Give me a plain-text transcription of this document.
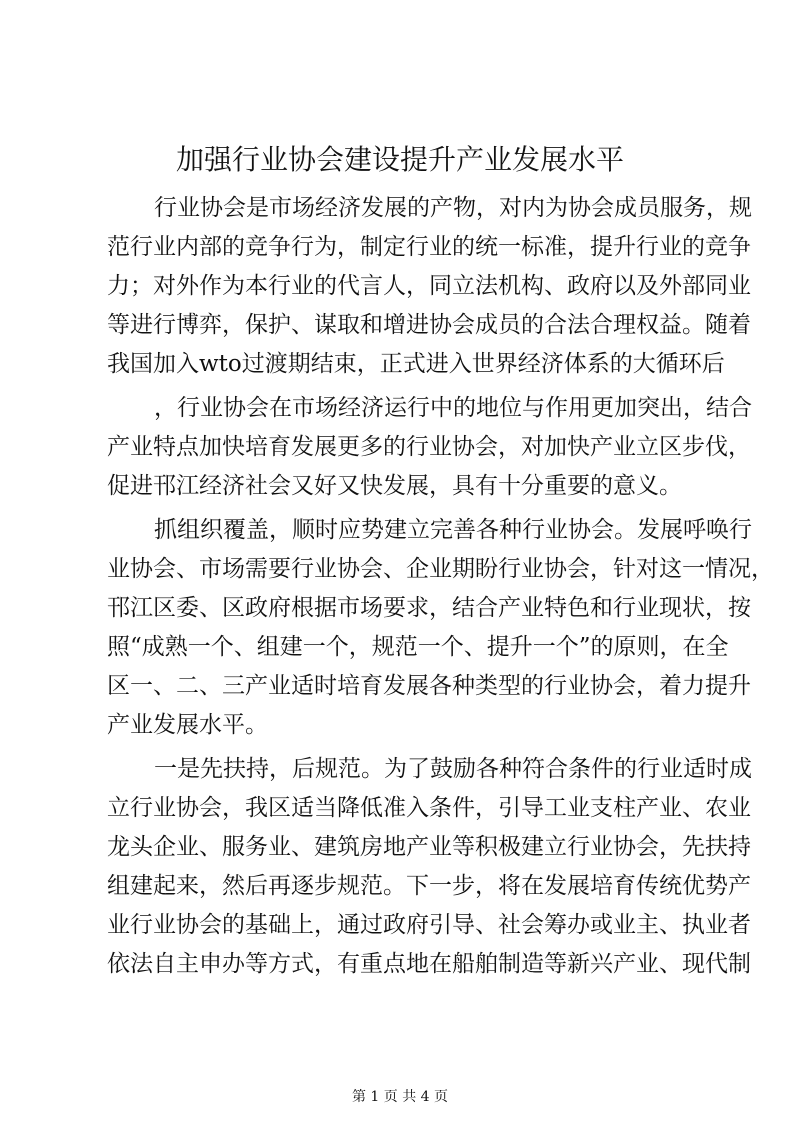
加强行业协会建设提升产业发展水平
行业协会是市场经济发展的产物，对内为协会成员服务，规
范行业内部的竞争行为，制定行业的统一标准，提升行业的竞争
力；对外作为本行业的代言人，同立法机构、政府以及外部同业
等进行博弈，保护、谋取和增进协会成员的合法合理权益。随着
我国加入wto过渡期结束，正式进入世界经济体系的大循环后
，行业协会在市场经济运行中的地位与作用更加突出，结合
产业特点加快培育发展更多的行业协会，对加快产业立区步伐，
促进邗江经济社会又好又快发展，具有十分重要的意义。
抓组织覆盖，顺时应势建立完善各种行业协会。发展呼唤行
业协会、市场需要行业协会、企业期盼行业协会，针对这一情况，
邗江区委、区政府根据市场要求，结合产业特色和行业现状，按
照“成熟一个、组建一个，规范一个、提升一个”的原则，在全
区一、二、三产业适时培育发展各种类型的行业协会，着力提升
产业发展水平。
一是先扶持，后规范。为了鼓励各种符合条件的行业适时成
立行业协会，我区适当降低准入条件，引导工业支柱产业、农业
龙头企业、服务业、建筑房地产业等积极建立行业协会，先扶持
组建起来，然后再逐步规范。下一步，将在发展培育传统优势产
业行业协会的基础上，通过政府引导、社会筹办或业主、执业者
依法自主申办等方式，有重点地在船舶制造等新兴产业、现代制
第 1 页 共 4 页
